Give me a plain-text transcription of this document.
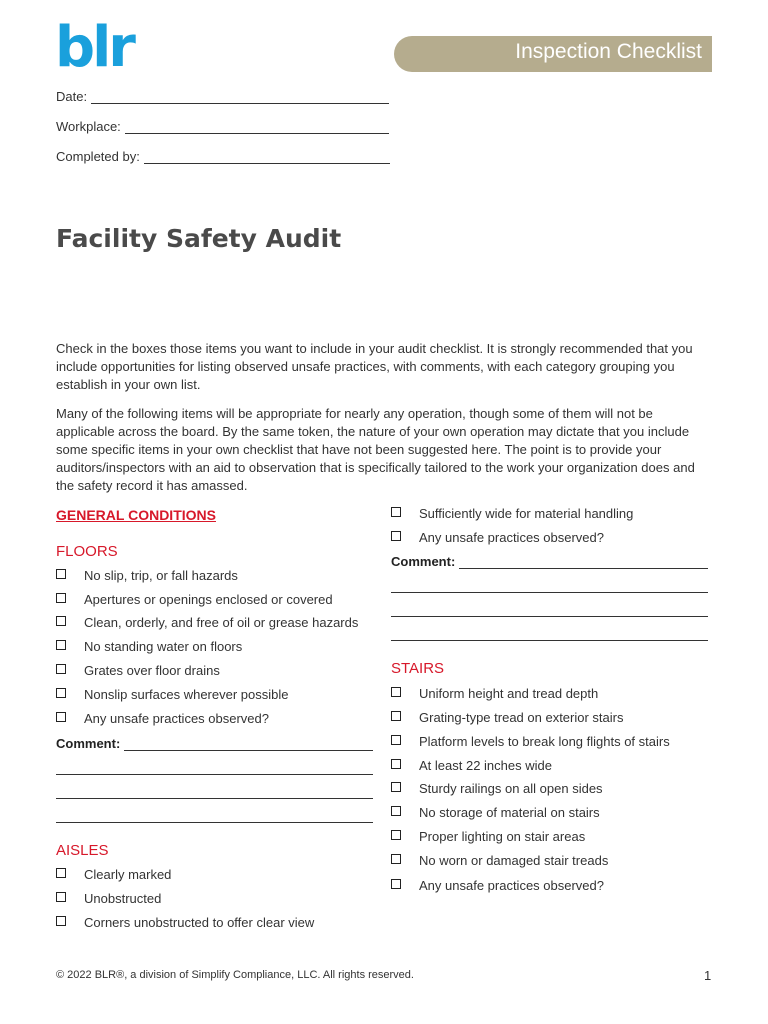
blr	Inspection Checklist
Date:
Workplace:
Completed by:
Facility Safety Audit

Check in the boxes those items you want to include in your audit checklist. It is strongly recommended that you include opportunities for listing observed unsafe practices, with comments, with each category grouping you establish in your own list.

Many of the following items will be appropriate for nearly any operation, though some of them will not be applicable across the board. By the same token, the nature of your own operation may dictate that you include some specific items in your own checklist that have not been suggested here. The point is to provide your auditors/inspectors with an aid to observation that is specifically tailored to the work your organization does and the safety record it has amassed.

GENERAL CONDITIONS
FLOORS
No slip, trip, or fall hazards
Apertures or openings enclosed or covered
Clean, orderly, and free of oil or grease hazards
No standing water on floors
Grates over floor drains
Nonslip surfaces wherever possible
Any unsafe practices observed?
Comment:
AISLES
Clearly marked
Unobstructed
Corners unobstructed to offer clear view
Sufficiently wide for material handling
Any unsafe practices observed?
Comment:
STAIRS
Uniform height and tread depth
Grating-type tread on exterior stairs
Platform levels to break long flights of stairs
At least 22 inches wide
Sturdy railings on all open sides
No storage of material on stairs
Proper lighting on stair areas
No worn or damaged stair treads
Any unsafe practices observed?
© 2022 BLR®, a division of Simplify Compliance, LLC. All rights reserved.	1
